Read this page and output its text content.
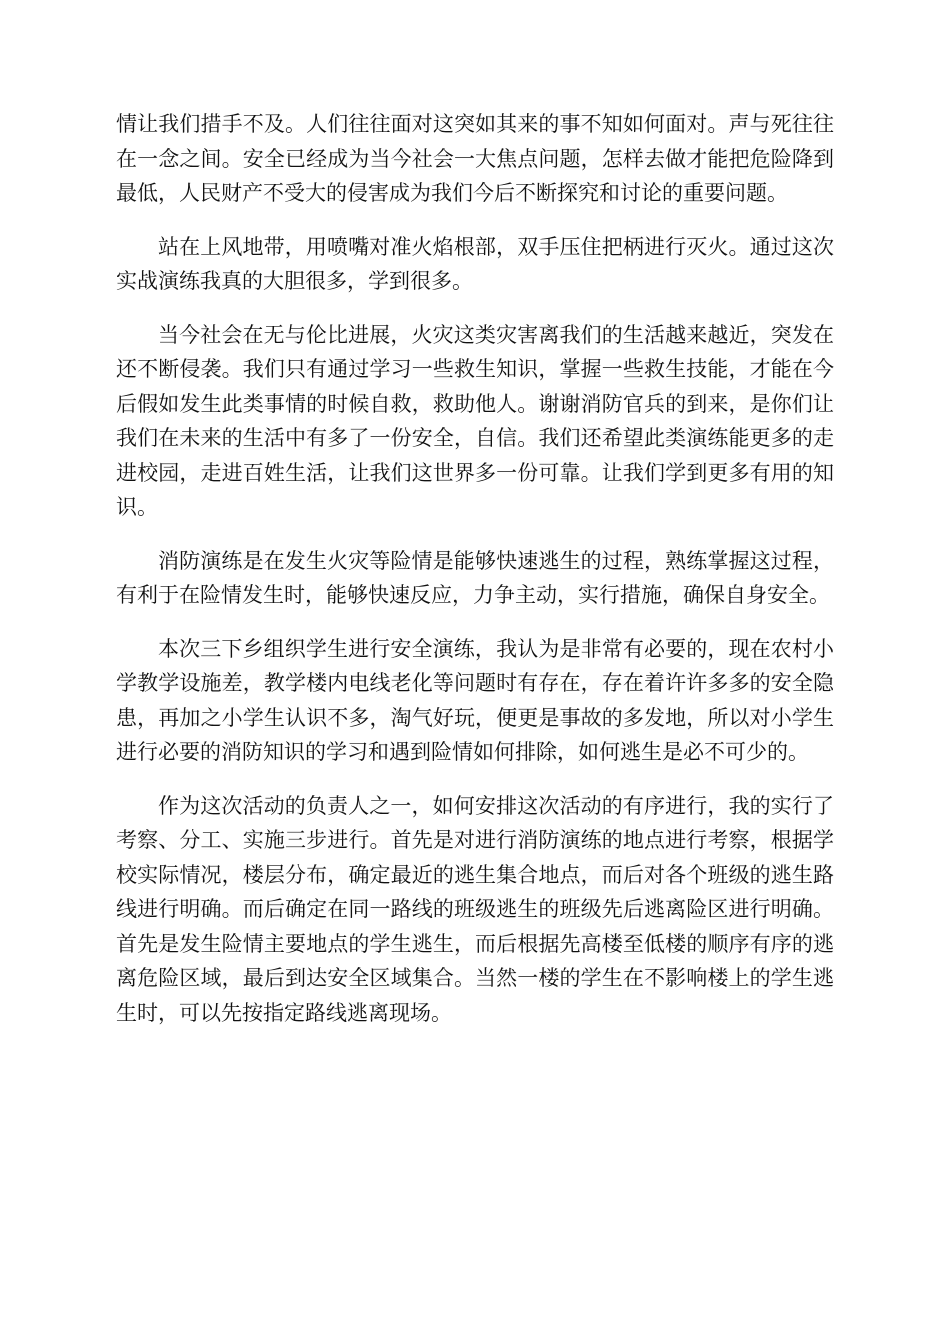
情让我们措手不及。人们往往面对这突如其来的事不知如何面对。声与死往往在一念之间。安全已经成为当今社会一大焦点问题，怎样去做才能把危险降到最低，人民财产不受大的侵害成为我们今后不断探究和讨论的重要问题。

站在上风地带，用喷嘴对准火焰根部，双手压住把柄进行灭火。通过这次实战演练我真的大胆很多，学到很多。

当今社会在无与伦比进展，火灾这类灾害离我们的生活越来越近，突发在还不断侵袭。我们只有通过学习一些救生知识，掌握一些救生技能，才能在今后假如发生此类事情的时候自救，救助他人。谢谢消防官兵的到来，是你们让我们在未来的生活中有多了一份安全，自信。我们还希望此类演练能更多的走进校园，走进百姓生活，让我们这世界多一份可靠。让我们学到更多有用的知识。

消防演练是在发生火灾等险情是能够快速逃生的过程，熟练掌握这过程，有利于在险情发生时，能够快速反应，力争主动，实行措施，确保自身安全。

本次三下乡组织学生进行安全演练，我认为是非常有必要的，现在农村小学教学设施差，教学楼内电线老化等问题时有存在，存在着许许多多的安全隐患，再加之小学生认识不多，淘气好玩，便更是事故的多发地，所以对小学生进行必要的消防知识的学习和遇到险情如何排除，如何逃生是必不可少的。

作为这次活动的负责人之一，如何安排这次活动的有序进行，我的实行了考察、分工、实施三步进行。首先是对进行消防演练的地点进行考察，根据学校实际情况，楼层分布，确定最近的逃生集合地点，而后对各个班级的逃生路线进行明确。而后确定在同一路线的班级逃生的班级先后逃离险区进行明确。首先是发生险情主要地点的学生逃生，而后根据先高楼至低楼的顺序有序的逃离危险区域，最后到达安全区域集合。当然一楼的学生在不影响楼上的学生逃生时，可以先按指定路线逃离现场。
